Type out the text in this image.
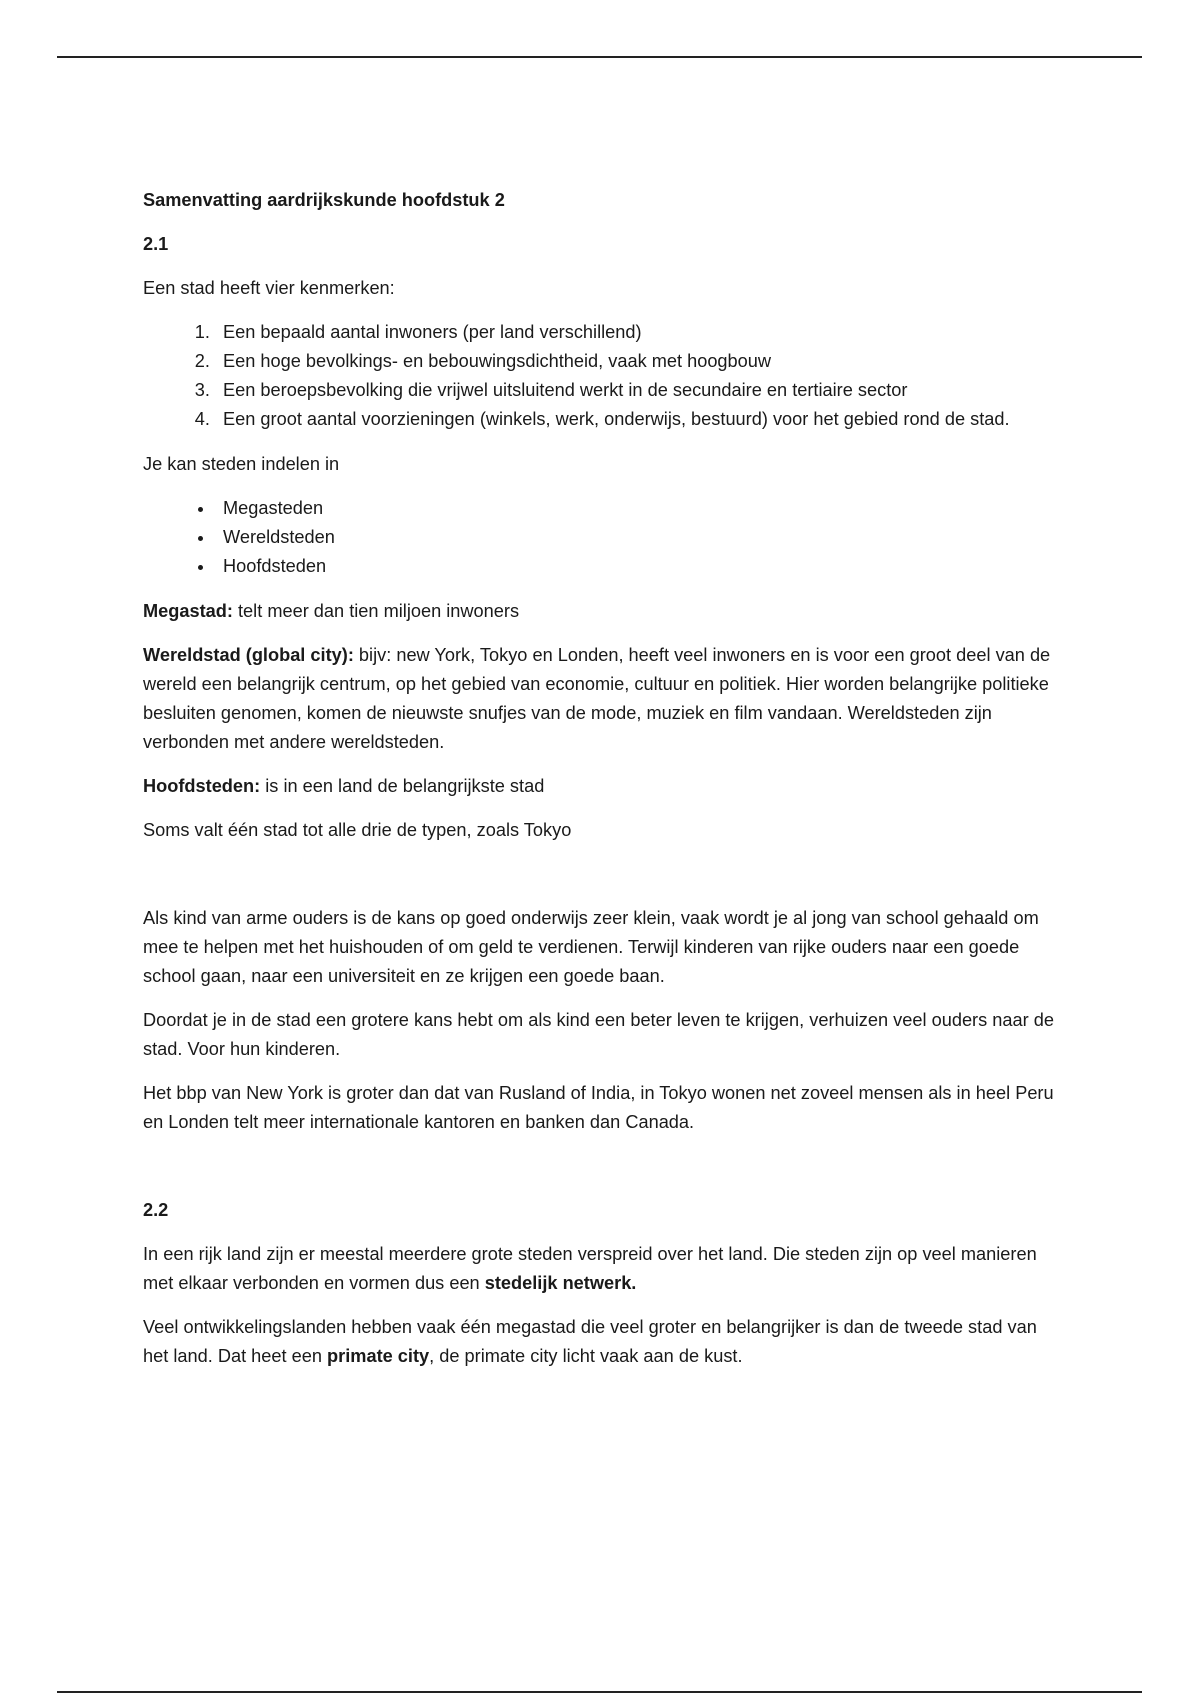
Samenvatting aardrijkskunde hoofdstuk 2

2.1

Een stad heeft vier kenmerken:

1. Een bepaald aantal inwoners (per land verschillend)
2. Een hoge bevolkings- en bebouwingsdichtheid, vaak met hoogbouw
3. Een beroepsbevolking die vrijwel uitsluitend werkt in de secundaire en tertiaire sector
4. Een groot aantal voorzieningen (winkels, werk, onderwijs, bestuurd) voor het gebied rond de stad.

Je kan steden indelen in

• Megasteden
• Wereldsteden
• Hoofdsteden

Megastad: telt meer dan tien miljoen inwoners

Wereldstad (global city): bijv: new York, Tokyo en Londen, heeft veel inwoners en is voor een groot deel van de wereld een belangrijk centrum, op het gebied van economie, cultuur en politiek. Hier worden belangrijke politieke besluiten genomen, komen de nieuwste snufjes van de mode, muziek en film vandaan. Wereldsteden zijn verbonden met andere wereldsteden.

Hoofdsteden: is in een land de belangrijkste stad

Soms valt één stad tot alle drie de typen, zoals Tokyo

Als kind van arme ouders is de kans op goed onderwijs zeer klein, vaak wordt je al jong van school gehaald om mee te helpen met het huishouden of om geld te verdienen. Terwijl kinderen van rijke ouders naar een goede school gaan, naar een universiteit en ze krijgen een goede baan.

Doordat je in de stad een grotere kans hebt om als kind een beter leven te krijgen, verhuizen veel ouders naar de stad. Voor hun kinderen.

Het bbp van New York is groter dan dat van Rusland of India, in Tokyo wonen net zoveel mensen als in heel Peru en Londen telt meer internationale kantoren en banken dan Canada.

2.2

In een rijk land zijn er meestal meerdere grote steden verspreid over het land. Die steden zijn op veel manieren met elkaar verbonden en vormen dus een stedelijk netwerk.

Veel ontwikkelingslanden hebben vaak één megastad die veel groter en belangrijker is dan de tweede stad van het land. Dat heet een primate city, de primate city licht vaak aan de kust.
